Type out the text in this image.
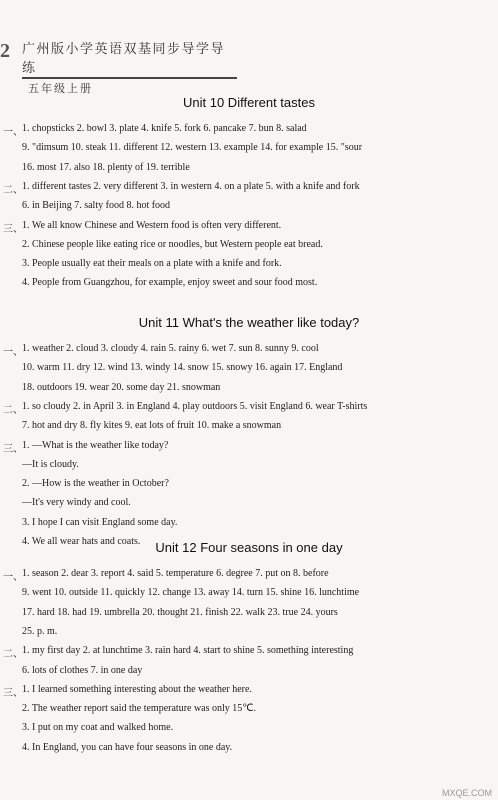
2 广州版小学英语双基同步导学导练
五年级上册
Unit 10 Different tastes
一、 1. chopsticks 2. bowl 3. plate 4. knife 5. fork 6. pancake 7. bun 8. salad
9. "dimsum 10. steak 11. different 12. western 13. example 14. for example 15. "sour
16. most 17. also 18. plenty of 19. terrible
二、 1. different tastes 2. very different 3. in western 4. on a plate 5. with a knife and fork
6. in Beijing 7. salty food 8. hot food
三、 1. We all know Chinese and Western food is often very different.
2. Chinese people like eating rice or noodles, but Western people eat bread.
3. People usually eat their meals on a plate with a knife and fork.
4. People from Guangzhou, for example, enjoy sweet and sour food most.
Unit 11 What's the weather like today?
一、 1. weather 2. cloud 3. cloudy 4. rain 5. rainy 6. wet 7. sun 8. sunny 9. cool
10. warm 11. dry 12. wind 13. windy 14. snow 15. snowy 16. again 17. England
18. outdoors 19. wear 20. some day 21. snowman
二、 1. so cloudy 2. in April 3. in England 4. play outdoors 5. visit England 6. wear T-shirts
7. hot and dry 8. fly kites 9. eat lots of fruit 10. make a snowman
三、 1. —What is the weather like today?
—It is cloudy.
2. —How is the weather in October?
—It's very windy and cool.
3. I hope I can visit England some day.
4. We all wear hats and coats.	Unit 12 Four seasons in one day
一、 1. season 2. dear 3. report 4. said 5. temperature 6. degree 7. put on 8. before
9. went 10. outside 11. quickly 12. change 13. away 14. turn 15. shine 16. lunchtime
17. hard 18. had 19. umbrella 20. thought 21. finish 22. walk 23. true 24. yours
25. p. m.
二、 1. my first day 2. at lunchtime 3. rain hard 4. start to shine 5. something interesting
6. lots of clothes 7. in one day
三、 1. I learned something interesting about the weather here.
2. The weather report said the temperature was only 15℃.
3. I put on my coat and walked home.
4. In England, you can have four seasons in one day.
MXQE.COM
